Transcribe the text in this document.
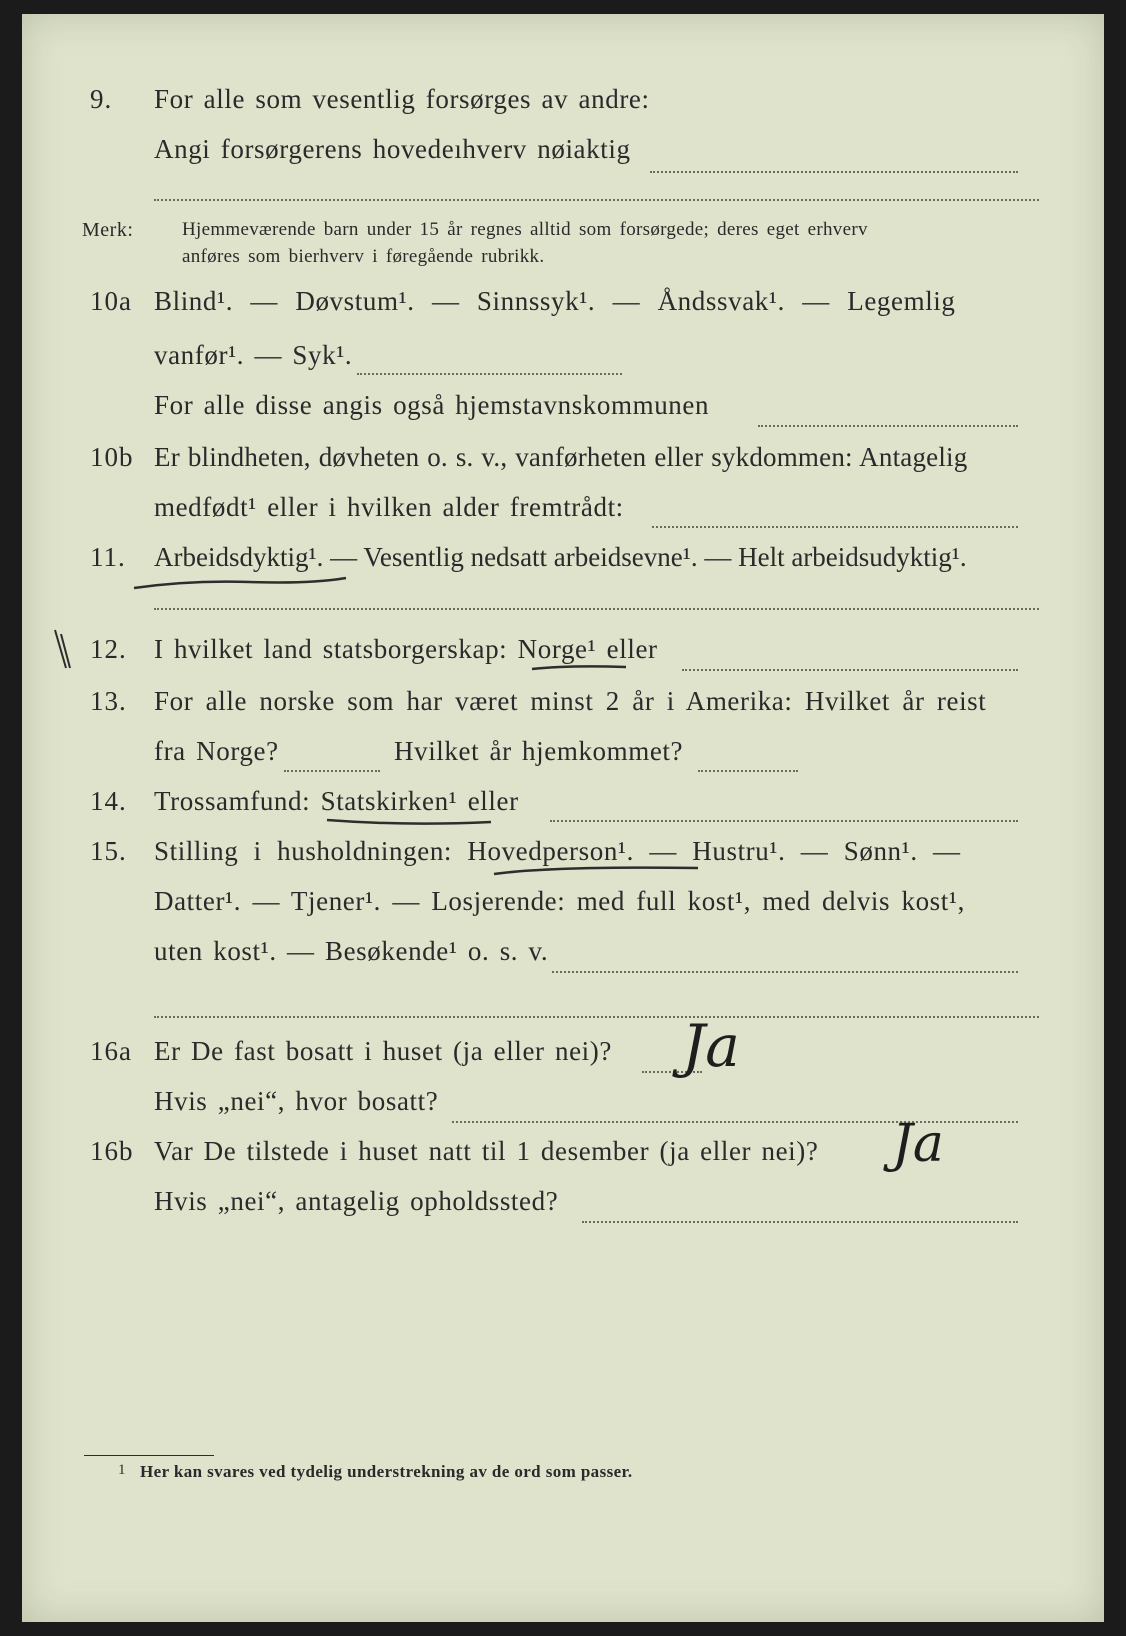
9.	For alle som vesentlig forsørges av andre:
Angi forsørgerens hovedeıhverv nøiaktig
Merk:	Hjemmeværende barn under 15 år regnes alltid som forsørgede; deres eget erhverv
anføres som bierhverv i føregående rubrikk.
10a Blind¹. — Døvstum¹. — Sinnssyk¹. — Åndssvak¹. — Legemlig
vanfør¹. — Syk¹.
For alle disse angis også hjemstavnskommunen
10b Er blindheten, døvheten o. s. v., vanførheten eller sykdommen: Antagelig
medfødt¹ eller i hvilken alder fremtrådt:
11.	Arbeidsdyktig¹. — Vesentlig nedsatt arbeidsevne¹. — Helt arbeidsudyktig¹.
12.	I hvilket land statsborgerskap: Norge¹ eller
13.	For alle norske som har været minst 2 år i Amerika: Hvilket år reist
fra Norge?	Hvilket år hjemkommet?
14.	Trossamfund: Statskirken¹ eller
15.	Stilling i husholdningen: Hovedperson¹. — Hustru¹. — Sønn¹. —
Datter¹. — Tjener¹. — Losjerende: med full kost¹, med delvis kost¹,
uten kost¹. — Besøkende¹ o. s. v.
16a Er De fast bosatt i huset (ja eller nei)?	Ja
Hvis „nei“, hvor bosatt?
16b Var De tilstede i huset natt til 1 desember (ja eller nei)?	Ja
Hvis „nei“, antagelig opholdssted?
1 Her kan svares ved tydelig understrekning av de ord som passer.
